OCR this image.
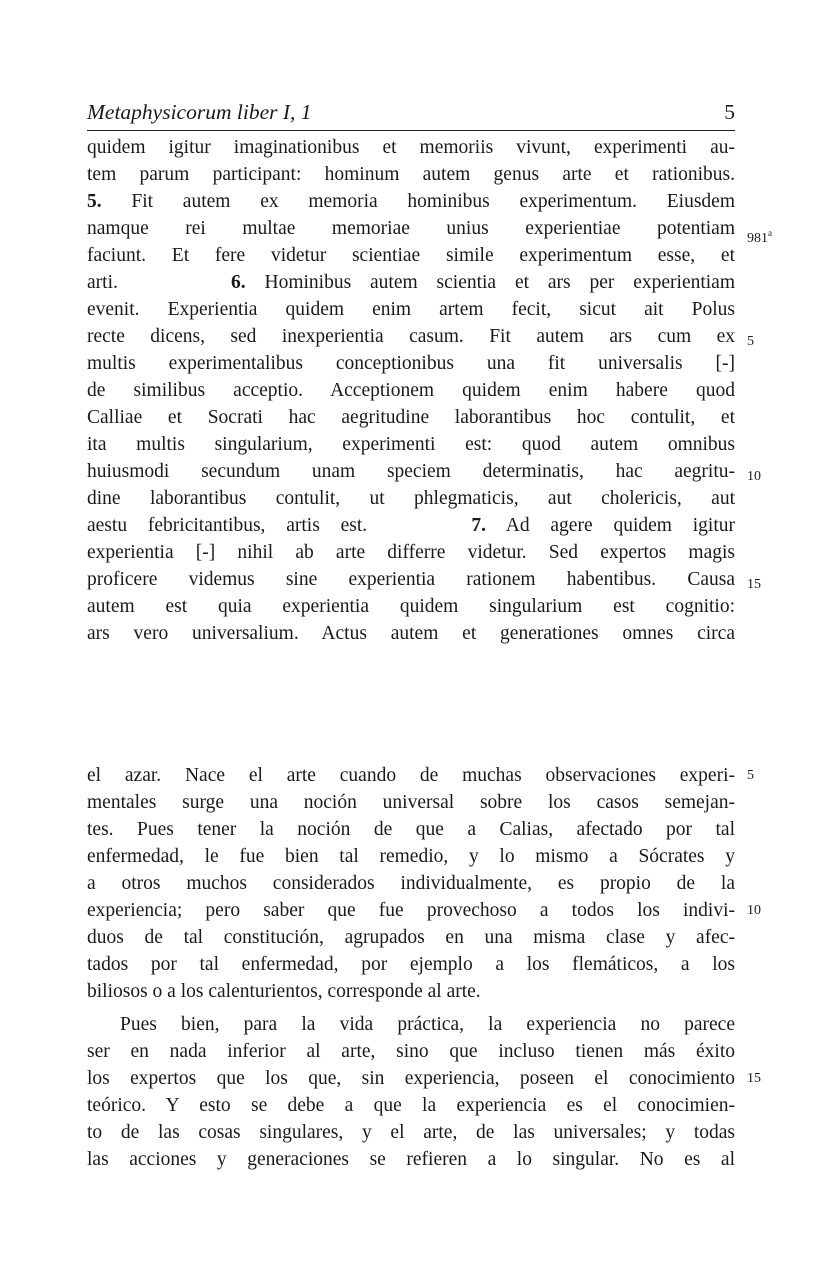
Metaphysicorum liber I, 1	5
quidem igitur imaginationibus et memoriis vivunt, experimenti au-
tem parum participant: hominum autem genus arte et rationibus.
5. Fit autem ex memoria hominibus experimentum. Eiusdem
namque rei multae memoriae unius experientiae potentiam
faciunt. Et fere videtur scientiae simile experimentum esse, et
arti.	6. Hominibus autem scientia et ars per experientiam
evenit. Experientia quidem enim artem fecit, sicut ait Polus
recte dicens, sed inexperientia casum. Fit autem ars cum ex
multis experimentalibus conceptionibus una fit universalis [-]
de similibus acceptio. Acceptionem quidem enim habere quod
Calliae et Socrati hac aegritudine laborantibus hoc contulit, et
ita multis singularium, experimenti est: quod autem omnibus
huiusmodi secundum unam speciem determinatis, hac aegritu-
dine laborantibus contulit, ut phlegmaticis, aut cholericis, aut
aestu febricitantibus, artis est.	7. Ad agere quidem igitur
experientia [-] nihil ab arte differre videtur. Sed expertos magis
proficere videmus sine experientia rationem habentibus. Causa
autem est quia experientia quidem singularium est cognitio:
ars vero universalium. Actus autem et generationes omnes circa
981$^a$
5
10
15
el azar. Nace el arte cuando de muchas observaciones experi-
mentales surge una noción universal sobre los casos semejan-
tes. Pues tener la noción de que a Calias, afectado por tal
enfermedad, le fue bien tal remedio, y lo mismo a Sócrates y
a otros muchos considerados individualmente, es propio de la
experiencia; pero saber que fue provechoso a todos los indivi-
duos de tal constitución, agrupados en una misma clase y afec-
tados por tal enfermedad, por ejemplo a los flemáticos, a los
biliosos o a los calenturientos, corresponde al arte.
Pues bien, para la vida práctica, la experiencia no parece
ser en nada inferior al arte, sino que incluso tienen más éxito
los expertos que los que, sin experiencia, poseen el conocimiento
teórico. Y esto se debe a que la experiencia es el conocimien-
to de las cosas singulares, y el arte, de las universales; y todas
las acciones y generaciones se refieren a lo singular. No es al
5
10
15
